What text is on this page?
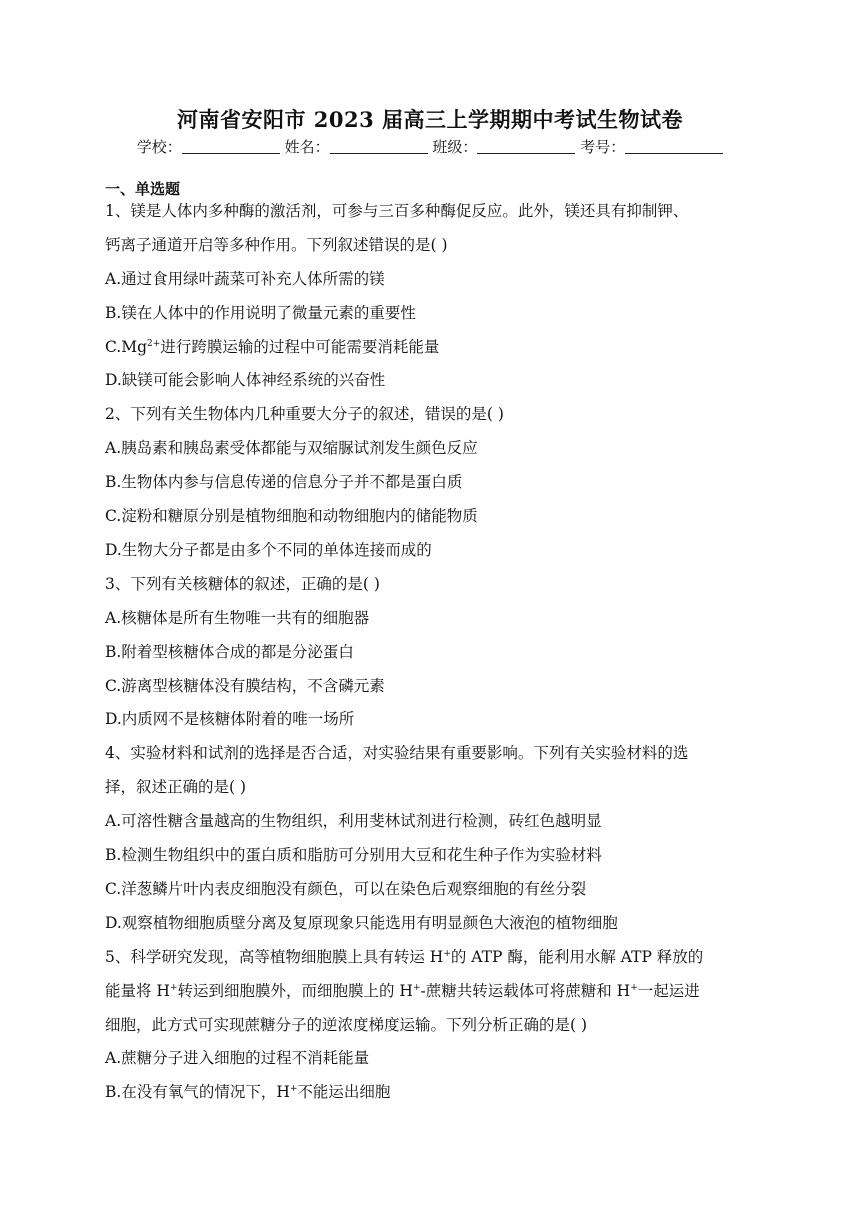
河南省安阳市 2023 届高三上学期期中考试生物试卷
学校：	姓名：	班级：	考号：
一、单选题
1、镁是人体内多种酶的激活剂，可参与三百多种酶促反应。此外，镁还具有抑制钾、
钙离子通道开启等多种作用。下列叙述错误的是( )
A.通过食用绿叶蔬菜可补充人体所需的镁
B.镁在人体中的作用说明了微量元素的重要性
$C.Mg^{2+}$进行跨膜运输的过程中可能需要消耗能量
D.缺镁可能会影响人体神经系统的兴奋性
2、下列有关生物体内几种重要大分子的叙述，错误的是( )
A.胰岛素和胰岛素受体都能与双缩脲试剂发生颜色反应
B.生物体内参与信息传递的信息分子并不都是蛋白质
C.淀粉和糖原分别是植物细胞和动物细胞内的储能物质
D.生物大分子都是由多个不同的单体连接而成的
3、下列有关核糖体的叙述，正确的是( )
A.核糖体是所有生物唯一共有的细胞器
B.附着型核糖体合成的都是分泌蛋白
C.游离型核糖体没有膜结构，不含磷元素
D.内质网不是核糖体附着的唯一场所
4、实验材料和试剂的选择是否合适，对实验结果有重要影响。下列有关实验材料的选
择，叙述正确的是( )
A.可溶性糖含量越高的生物组织，利用斐林试剂进行检测，砖红色越明显
B.检测生物组织中的蛋白质和脂肪可分别用大豆和花生种子作为实验材料
C.洋葱鳞片叶内表皮细胞没有颜色，可以在染色后观察细胞的有丝分裂
D.观察植物细胞质壁分离及复原现象只能选用有明显颜色大液泡的植物细胞
5、科学研究发现，高等植物细胞膜上具有转运 H+的 ATP 酶，能利用水解 ATP 释放的
能量将 H+转运到细胞膜外，而细胞膜上的 H+-蔗糖共转运载体可将蔗糖和 H+一起运进
细胞，此方式可实现蔗糖分子的逆浓度梯度运输。下列分析正确的是( )
A.蔗糖分子进入细胞的过程不消耗能量
B.在没有氧气的情况下，H+不能运出细胞
